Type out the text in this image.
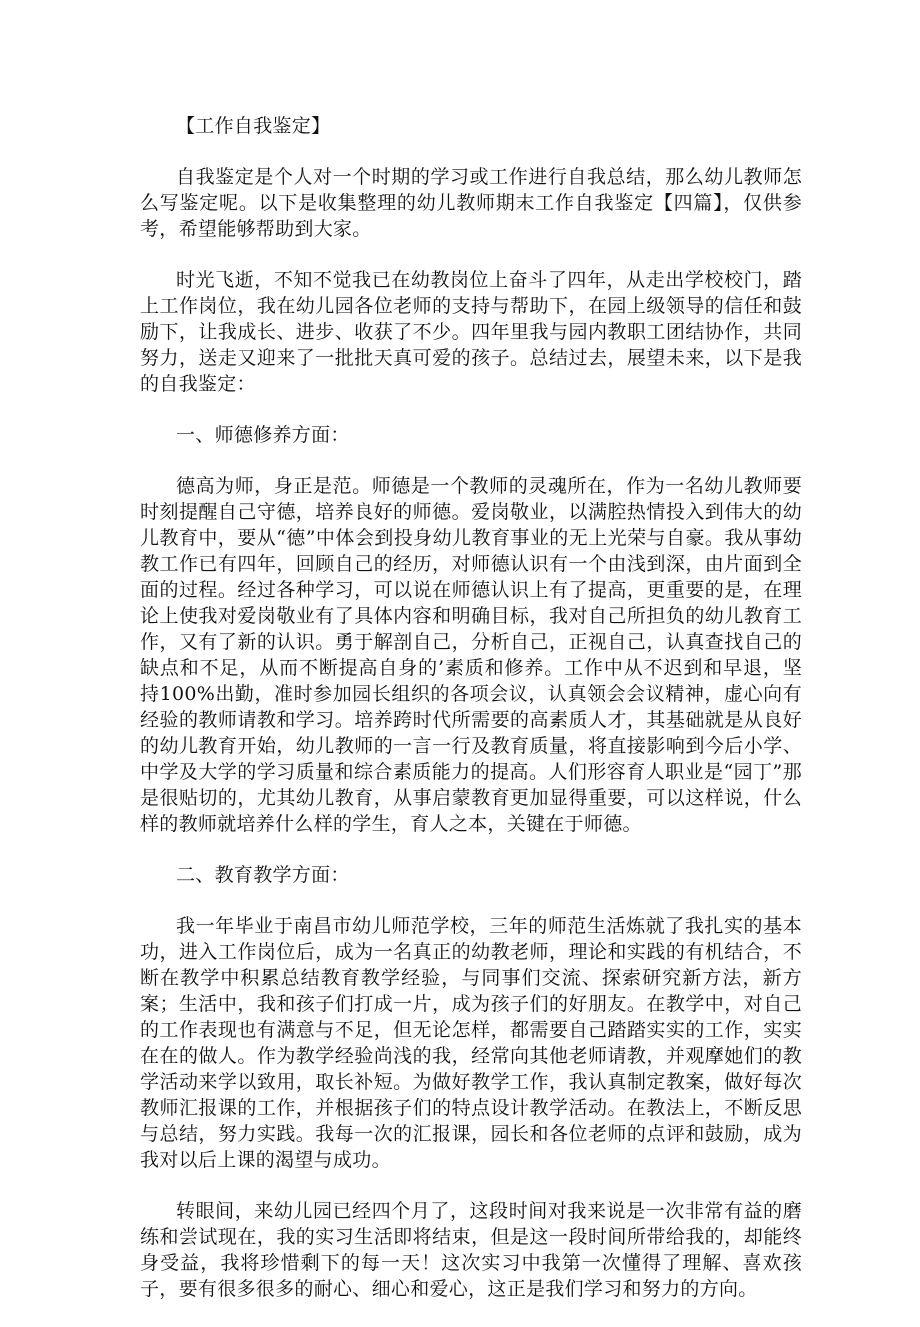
【工作自我鉴定】

自我鉴定是个人对一个时期的学习或工作进行自我总结，那么幼儿教师怎么写鉴定呢。以下是收集整理的幼儿教师期末工作自我鉴定【四篇】，仅供参考，希望能够帮助到大家。

时光飞逝，不知不觉我已在幼教岗位上奋斗了四年，从走出学校校门，踏上工作岗位，我在幼儿园各位老师的支持与帮助下，在园上级领导的信任和鼓励下，让我成长、进步、收获了不少。四年里我与园内教职工团结协作，共同努力，送走又迎来了一批批天真可爱的孩子。总结过去，展望未来，以下是我的自我鉴定：

一、师德修养方面：

德高为师，身正是范。师德是一个教师的灵魂所在，作为一名幼儿教师要时刻提醒自己守德，培养良好的师德。爱岗敬业，以满腔热情投入到伟大的幼儿教育中，要从“德”中体会到投身幼儿教育事业的无上光荣与自豪。我从事幼教工作已有四年，回顾自己的经历，对师德认识有一个由浅到深，由片面到全面的过程。经过各种学习，可以说在师德认识上有了提高，更重要的是，在理论上使我对爱岗敬业有了具体内容和明确目标，我对自己所担负的幼儿教育工作，又有了新的认识。勇于解剖自己，分析自己，正视自己，认真查找自己的缺点和不足，从而不断提高自身的’素质和修养。工作中从不迟到和早退，坚持100%出勤，准时参加园长组织的各项会议，认真领会会议精神，虚心向有经验的教师请教和学习。培养跨时代所需要的高素质人才，其基础就是从良好的幼儿教育开始，幼儿教师的一言一行及教育质量，将直接影响到今后小学、中学及大学的学习质量和综合素质能力的提高。人们形容育人职业是“园丁”那是很贴切的，尤其幼儿教育，从事启蒙教育更加显得重要，可以这样说，什么样的教师就培养什么样的学生，育人之本，关键在于师德。

二、教育教学方面：

我一年毕业于南昌市幼儿师范学校，三年的师范生活炼就了我扎实的基本功，进入工作岗位后，成为一名真正的幼教老师，理论和实践的有机结合，不断在教学中积累总结教育教学经验，与同事们交流、探索研究新方法，新方案；生活中，我和孩子们打成一片，成为孩子们的好朋友。在教学中，对自己的工作表现也有满意与不足，但无论怎样，都需要自己踏踏实实的工作，实实在在的做人。作为教学经验尚浅的我，经常向其他老师请教，并观摩她们的教学活动来学以致用，取长补短。为做好教学工作，我认真制定教案，做好每次教师汇报课的工作，并根据孩子们的特点设计教学活动。在教法上，不断反思与总结，努力实践。我每一次的汇报课，园长和各位老师的点评和鼓励，成为我对以后上课的渴望与成功。

转眼间，来幼儿园已经四个月了，这段时间对我来说是一次非常有益的磨练和尝试现在，我的实习生活即将结束，但是这一段时间所带给我的，却能终身受益，我将珍惜剩下的每一天！这次实习中我第一次懂得了理解、喜欢孩子，要有很多很多的耐心、细心和爱心，这正是我们学习和努力的方向。
